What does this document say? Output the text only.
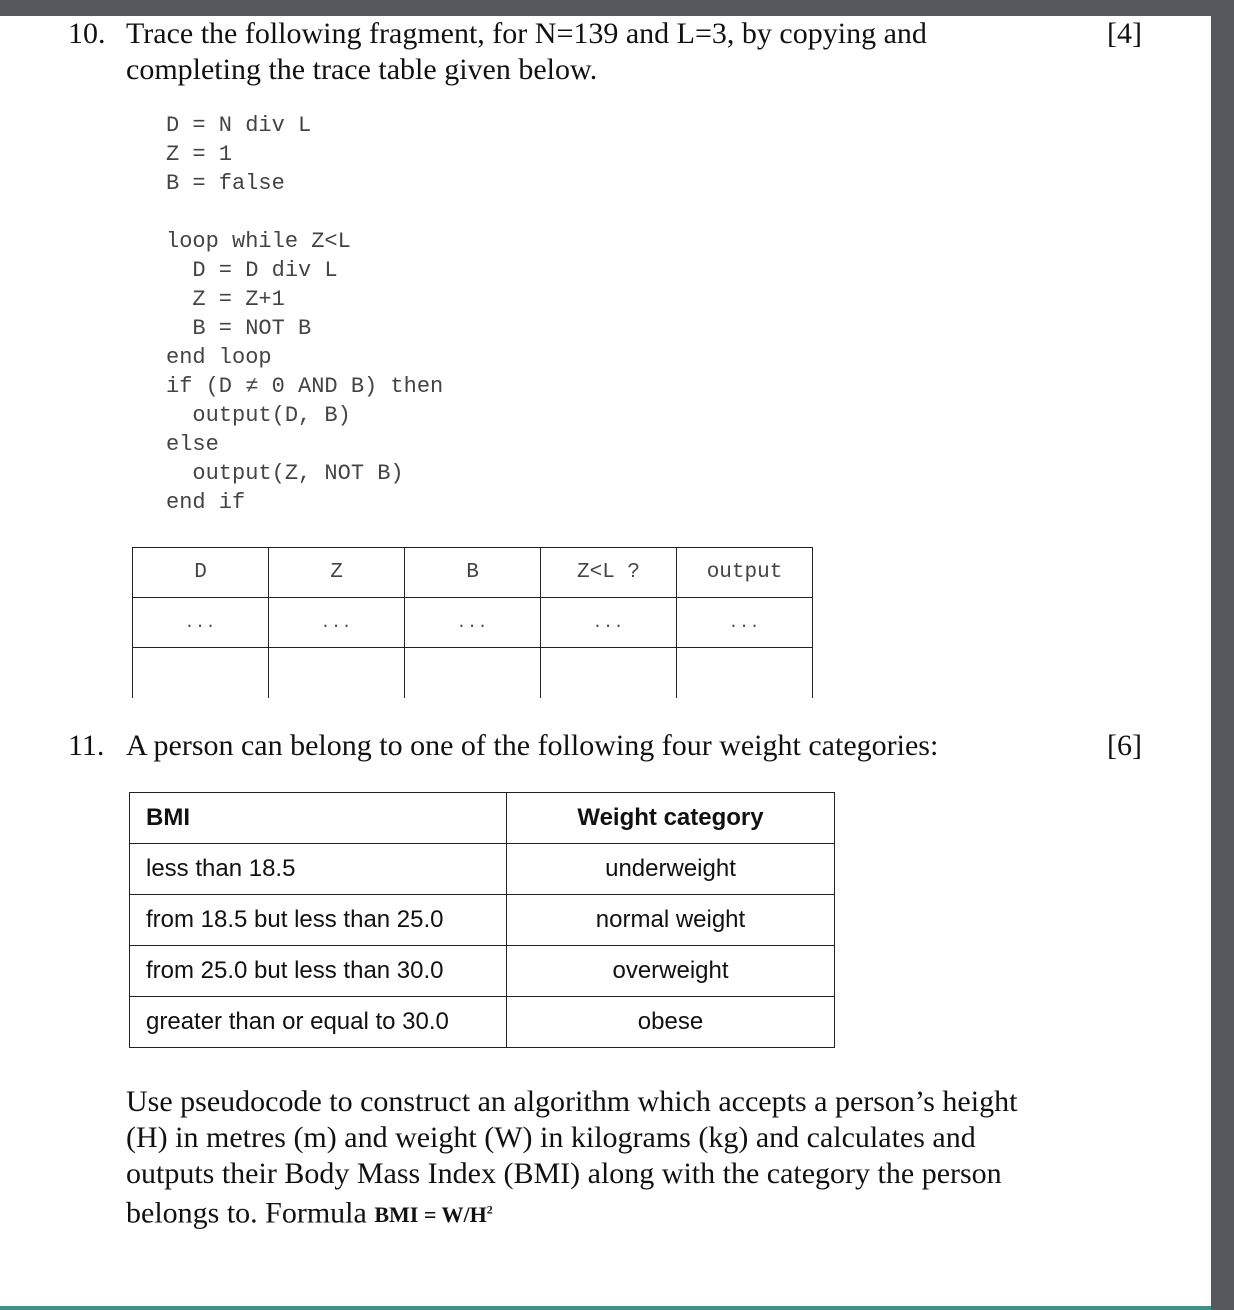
10. Trace the following fragment, for N=139 and L=3, by copying and
completing the trace table given below.
[4]
D = N div L
Z = 1
B = false
loop while Z<L
D = D div L
Z = Z+1
B = NOT B
end loop
if (D ≠ 0 AND B) then
output(D, B)
else
output(Z, NOT B)
end if
D	Z	B	Z<L ?	output
...	...	...	...	...

11. A person can belong to one of the following four weight categories:	[6]
BMI	Weight category
less than 18.5	underweight
from 18.5 but less than 25.0	normal weight
from 25.0 but less than 30.0	overweight
greater than or equal to 30.0	obese
Use pseudocode to construct an algorithm which accepts a person’s height
(H) in metres (m) and weight (W) in kilograms (kg) and calculates and
outputs their Body Mass Index (BMI) along with the category the person
belongs to. Formula BMI = $W/H^2$
